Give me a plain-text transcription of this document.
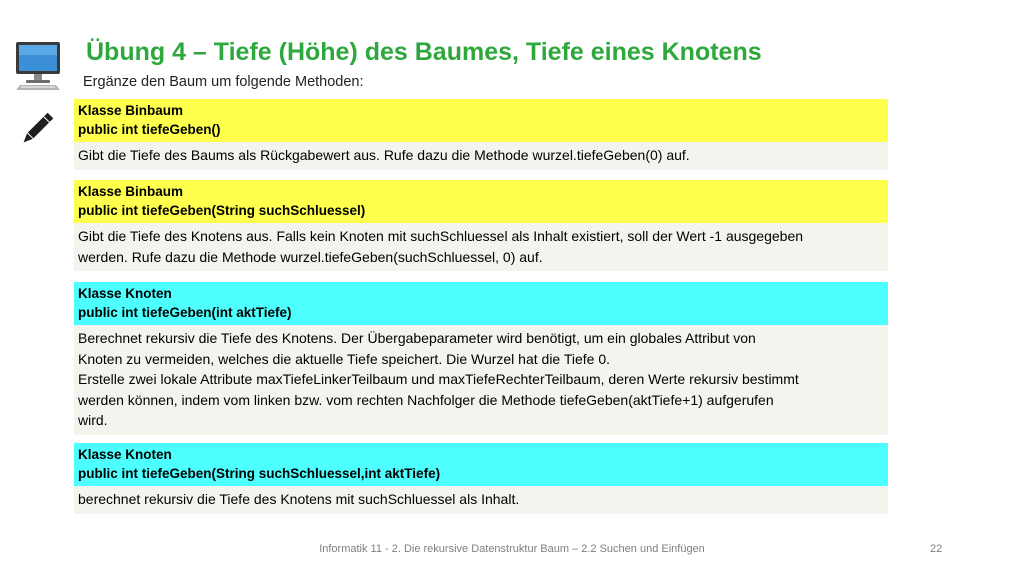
Übung 4 – Tiefe (Höhe) des Baumes, Tiefe eines Knotens
Ergänze den Baum um folgende Methoden:
Klasse Binbaum
public int tiefeGeben()
Gibt die Tiefe des Baums als Rückgabewert aus. Rufe dazu die Methode wurzel.tiefeGeben(0) auf.
Klasse Binbaum
public int tiefeGeben(String suchSchluessel)
Gibt die Tiefe des Knotens aus. Falls kein Knoten mit suchSchluessel als Inhalt existiert, soll der Wert -1 ausgegeben
werden. Rufe dazu die Methode wurzel.tiefeGeben(suchSchluessel, 0) auf.
Klasse Knoten
public int tiefeGeben(int aktTiefe)
Berechnet rekursiv die Tiefe des Knotens. Der Übergabeparameter wird benötigt, um ein globales Attribut von
Knoten zu vermeiden, welches die aktuelle Tiefe speichert. Die Wurzel hat die Tiefe 0.
Erstelle zwei lokale Attribute maxTiefeLinkerTeilbaum und maxTiefeRechterTeilbaum, deren Werte rekursiv bestimmt
werden können, indem vom linken bzw. vom rechten Nachfolger die Methode tiefeGeben(aktTiefe+1) aufgerufen
wird.
Klasse Knoten
public int tiefeGeben(String suchSchluessel,int aktTiefe)
berechnet rekursiv die Tiefe des Knotens mit suchSchluessel als Inhalt.
Informatik 11 - 2. Die rekursive Datenstruktur Baum – 2.2 Suchen und Einfügen	22
